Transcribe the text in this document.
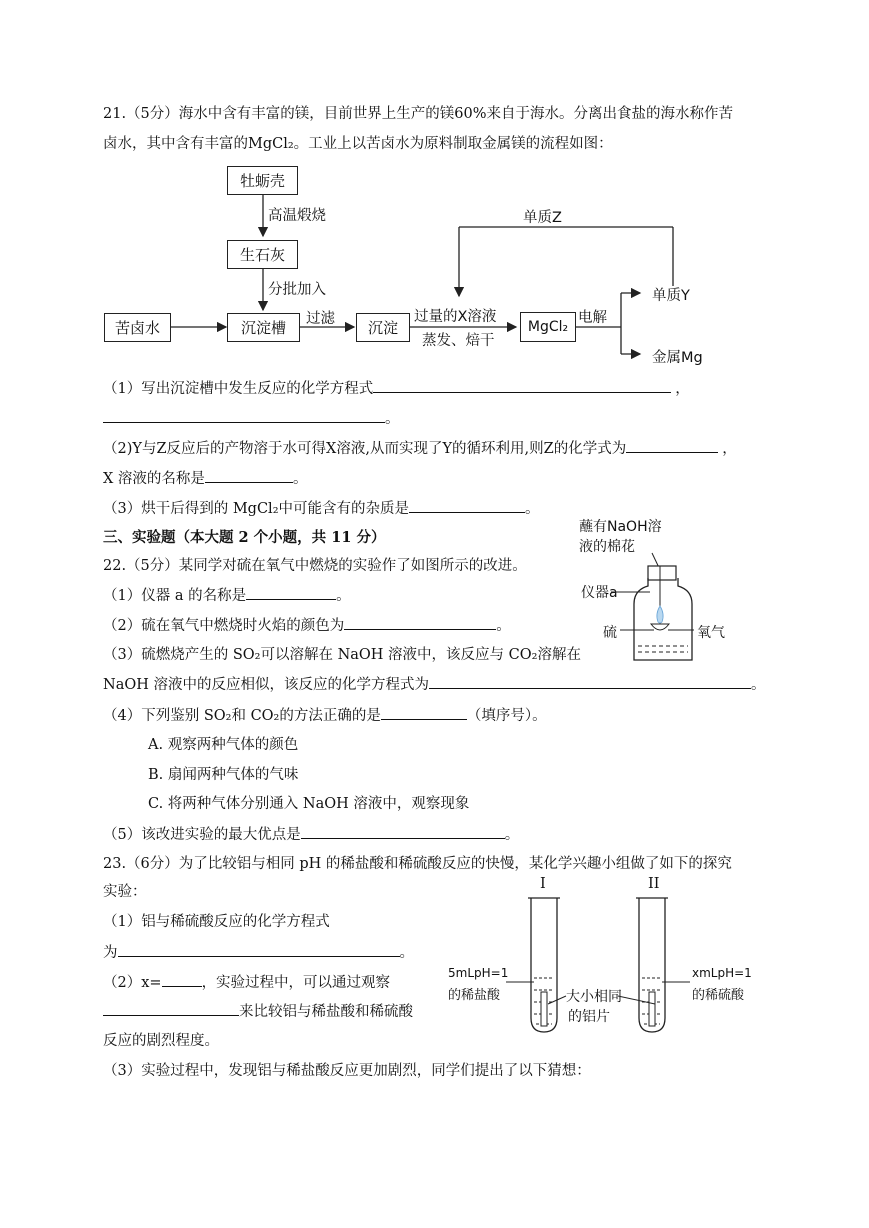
21.（5分）海水中含有丰富的镁，目前世界上生产的镁60%来自于海水。分离出食盐的海水称作苦
卤水，其中含有丰富的MgCl₂。工业上以苦卤水为原料制取金属镁的流程如图：
牡蛎壳
高温煅烧
生石灰
分批加入
苦卤水	沉淀槽	过滤	沉淀
过量的X溶液
蒸发、焙干
MgCl₂
电解
单质Z
单质Y
金属Mg
（1）写出沉淀槽中发生反应的化学方程式	，
。
（2)Y与Z反应后的产物溶于水可得X溶液,从而实现了Y的循环利用,则Z的化学式为	，
X 溶液的名称是	。
（3）烘干后得到的 MgCl₂中可能含有的杂质是	。
三、实验题（本大题 2 个小题，共 11 分）
22.（5分）某同学对硫在氧气中燃烧的实验作了如图所示的改进。
（1）仪器 a 的名称是	。
（2）硫在氧气中燃烧时火焰的颜色为	。
（3）硫燃烧产生的 SO₂可以溶解在 NaOH 溶液中，该反应与 CO₂溶解在
NaOH 溶液中的反应相似，该反应的化学方程式为	。
（4）下列鉴别 SO₂和 CO₂的方法正确的是	（填序号）。
A. 观察两种气体的颜色
B. 扇闻两种气体的气味
C. 将两种气体分别通入 NaOH 溶液中，观察现象
（5）该改进实验的最大优点是	。
蘸有NaOH溶
液的棉花
仪器a
硫	氧气
23.（6分）为了比较铝与相同 pH 的稀盐酸和稀硫酸反应的快慢，某化学兴趣小组做了如下的探究
实验：
（1）铝与稀硫酸反应的化学方程式
为	。
（2）x=	，实验过程中，可以通过观察
来比较铝与稀盐酸和稀硫酸
反应的剧烈程度。
（3）实验过程中，发现铝与稀盐酸反应更加剧烈，同学们提出了以下猜想：
I	II
5mLpH=1
的稀盐酸	大小相同
的铝片
xmLpH=1
的稀硫酸
